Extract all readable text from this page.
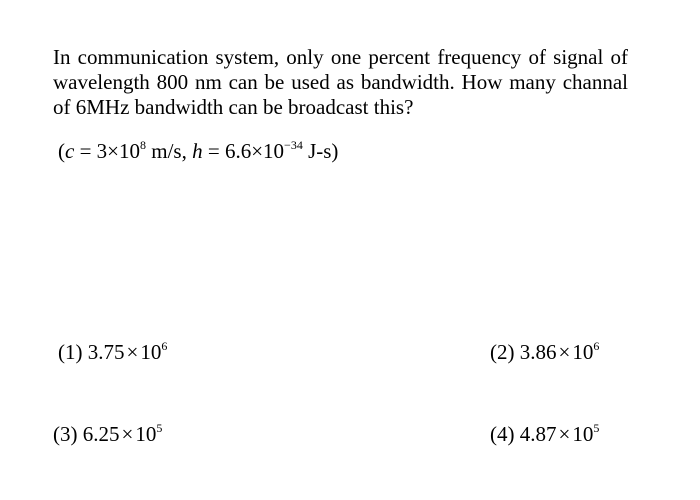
In communication system, only one percent frequency of signal of wavelength 800 nm can be used as bandwidth. How many channal of 6MHz bandwidth can be broadcast this?

($c = 3\times 10^8$ m/s, $h = 6.6\times 10^{-34}$ J-s)
(1) $3.75\times 10^6$	(2) $3.86\times 10^6$
(3) $6.25\times 10^5$	(4) $4.87\times 10^5$
